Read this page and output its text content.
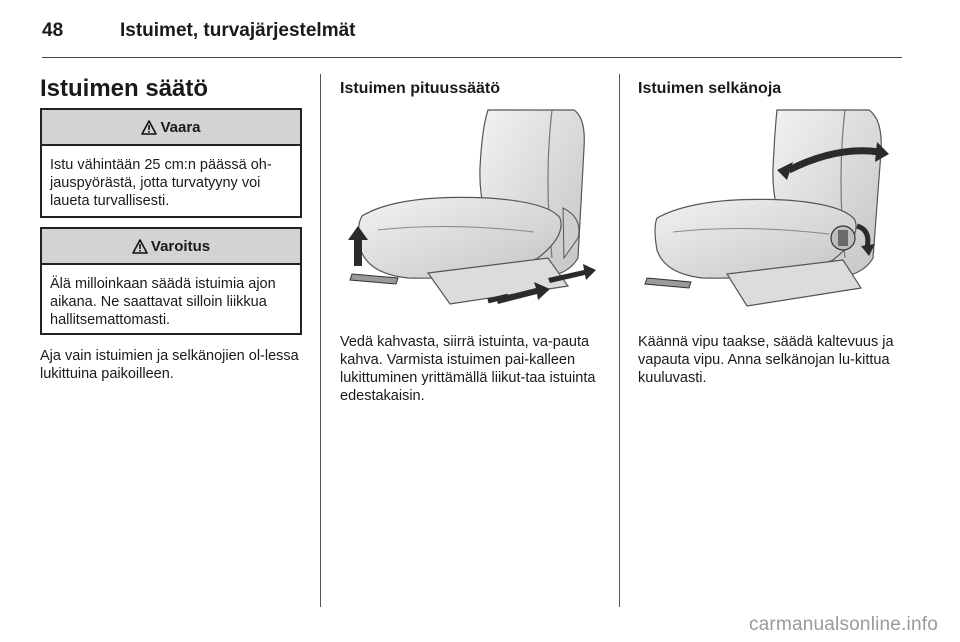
48	Istuimet, turvajärjestelmät
Istuimen säätö
Vaara
Istu vähintään 25 cm:n päässä oh-jauspyörästä, jotta turvatyyny voi laueta turvallisesti.
Varoitus
Älä milloinkaan säädä istuimia ajon aikana. Ne saattavat silloin liikkua hallitsemattomasti.
Aja vain istuimien ja selkänojien ol-lessa lukittuina paikoilleen.
Istuimen pituussäätö
Vedä kahvasta, siirrä istuinta, va-pauta kahva. Varmista istuimen pai-kalleen lukittuminen yrittämällä liikut-taa istuinta edestakaisin.
Istuimen selkänoja
Käännä vipu taakse, säädä kaltevuus ja vapauta vipu. Anna selkänojan lu-kittua kuuluvasti.
carmanualsonline.info
